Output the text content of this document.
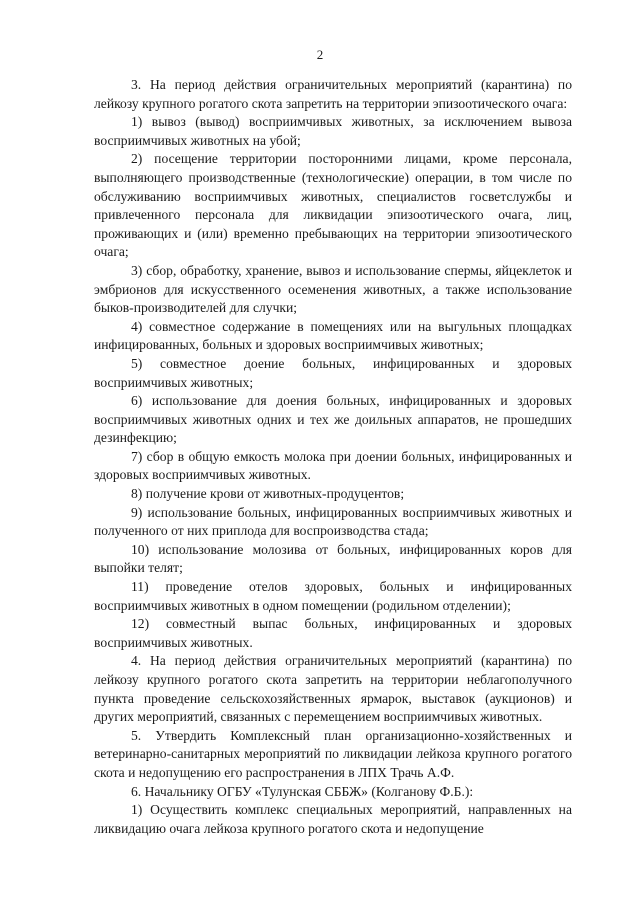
2

3. На период действия ограничительных мероприятий (карантина) по лейкозу крупного рогатого скота запретить на территории эпизоотического очага:

1) вывоз (вывод) восприимчивых животных, за исключением вывоза восприимчивых животных на убой;

2) посещение территории посторонними лицами, кроме персонала, выполняющего производственные (технологические) операции, в том числе по обслуживанию восприимчивых животных, специалистов госветслужбы и привлеченного персонала для ликвидации эпизоотического очага, лиц, проживающих и (или) временно пребывающих на территории эпизоотического очага;

3) сбор, обработку, хранение, вывоз и использование спермы, яйцеклеток и эмбрионов для искусственного осеменения животных, а также использование быков-производителей для случки;

4) совместное содержание в помещениях или на выгульных площадках инфицированных, больных и здоровых восприимчивых животных;

5) совместное доение больных, инфицированных и здоровых восприимчивых животных;

6) использование для доения больных, инфицированных и здоровых восприимчивых животных одних и тех же доильных аппаратов, не прошедших дезинфекцию;

7) сбор в общую емкость молока при доении больных, инфицированных и здоровых восприимчивых животных.

8) получение крови от животных-продуцентов;

9) использование больных, инфицированных восприимчивых животных и полученного от них приплода для воспроизводства стада;

10) использование молозива от больных, инфицированных коров для выпойки телят;

11) проведение отелов здоровых, больных и инфицированных восприимчивых животных в одном помещении (родильном отделении);

12) совместный выпас больных, инфицированных и здоровых восприимчивых животных.

4. На период действия ограничительных мероприятий (карантина) по лейкозу крупного рогатого скота запретить на территории неблагополучного пункта проведение сельскохозяйственных ярмарок, выставок (аукционов) и других мероприятий, связанных с перемещением восприимчивых животных.

5. Утвердить Комплексный план организационно-хозяйственных и ветеринарно-санитарных мероприятий по ликвидации лейкоза крупного рогатого скота и недопущению его распространения в ЛПХ Трачь А.Ф.

6. Начальнику ОГБУ «Тулунская СББЖ» (Колганову Ф.Б.):

1) Осуществить комплекс специальных мероприятий, направленных на ликвидацию очага лейкоза крупного рогатого скота и недопущение
